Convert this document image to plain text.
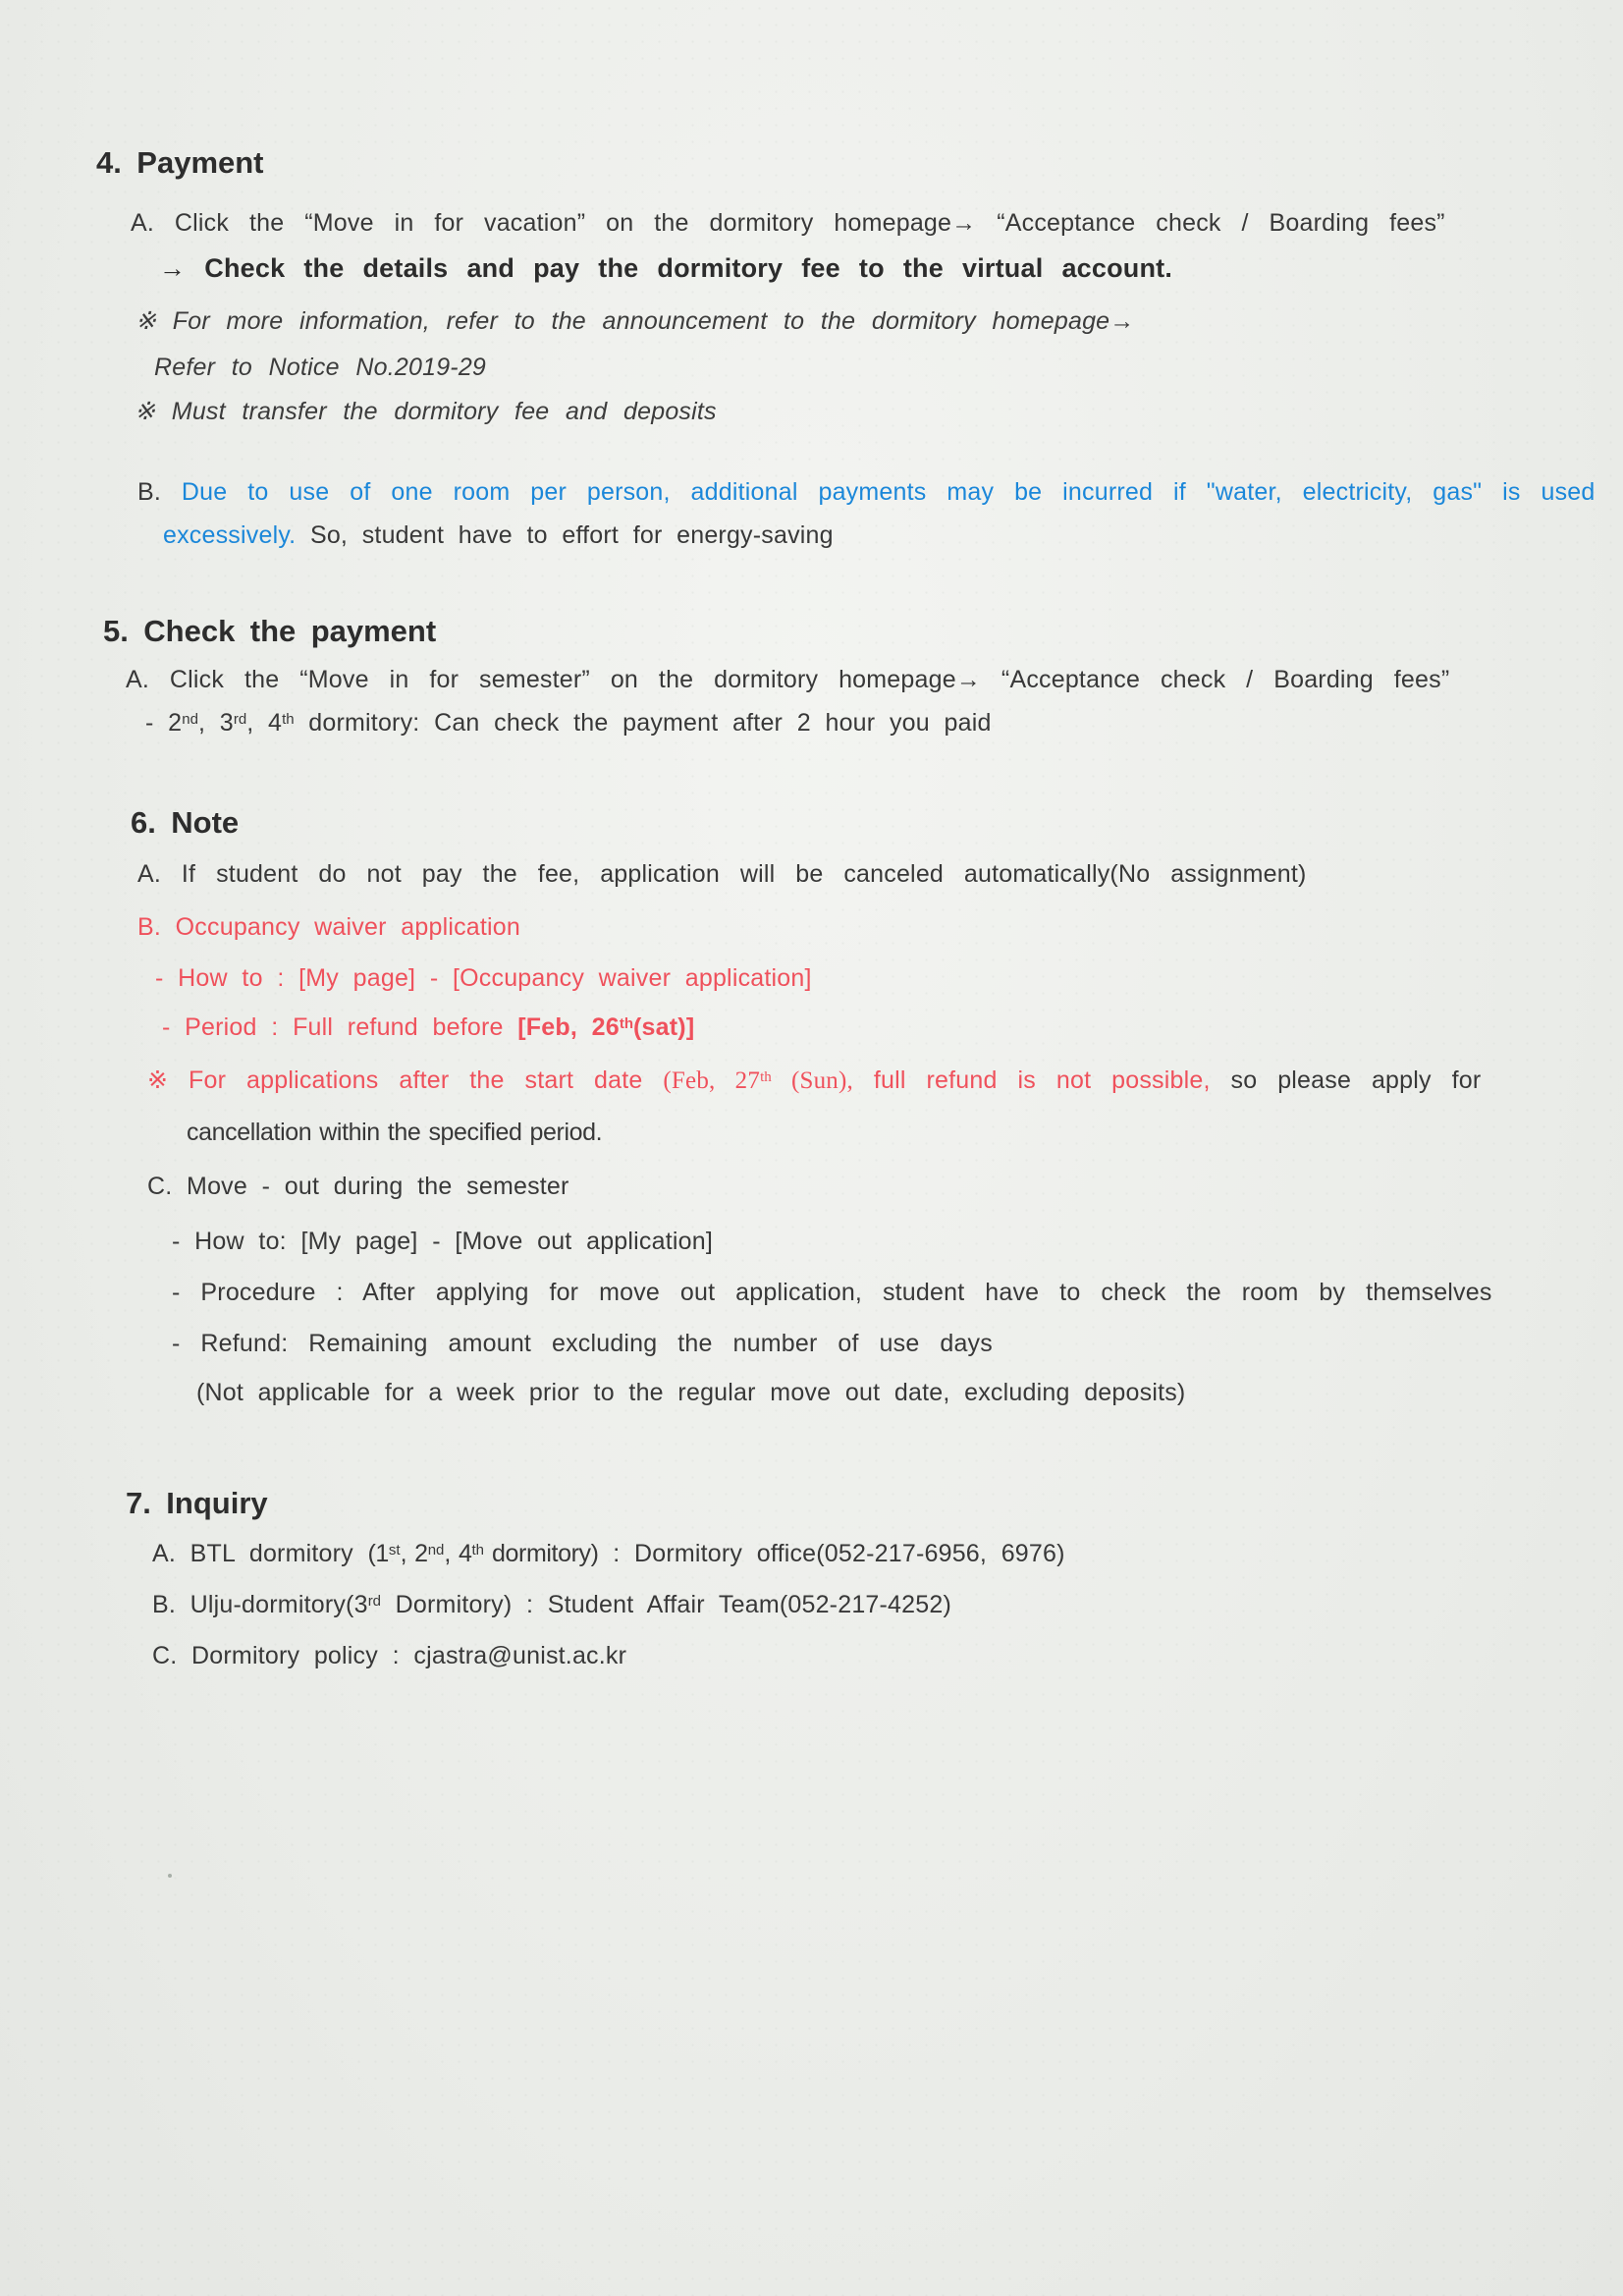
4. Payment
A. Click the “Move in for vacation” on the dormitory homepage→ “Acceptance check / Boarding fees”
→ Check the details and pay the dormitory fee to the virtual account.
※ For more information, refer to the announcement to the dormitory homepage→
Refer to Notice No.2019-29
※ Must transfer the dormitory fee and deposits
B. Due to use of one room per person, additional payments may be incurred if "water, electricity, gas" is used
excessively. So, student have to effort for energy-saving
5. Check the payment
A. Click the “Move in for semester” on the dormitory homepage→ “Acceptance check / Boarding fees”
- 2nd, 3rd, 4th dormitory: Can check the payment after 2 hour you paid
6. Note
A. If student do not pay the fee, application will be canceled automatically(No assignment)
B. Occupancy waiver application
- How to : [My page] - [Occupancy waiver application]
- Period : Full refund before [Feb, 26th(sat)]
※ For applications after the start date (Feb, 27th (Sun), full refund is not possible, so please apply for
cancellation within the specified period.
C. Move - out during the semester
- How to: [My page] - [Move out application]
- Procedure : After applying for move out application, student have to check the room by themselves
- Refund: Remaining amount excluding the number of use days
(Not applicable for a week prior to the regular move out date, excluding deposits)
7. Inquiry
A. BTL dormitory (1st, 2nd, 4th dormitory) : Dormitory office(052-217-6956, 6976)
B. Ulju-dormitory(3rd Dormitory) : Student Affair Team(052-217-4252)
C. Dormitory policy : cjastra@unist.ac.kr
